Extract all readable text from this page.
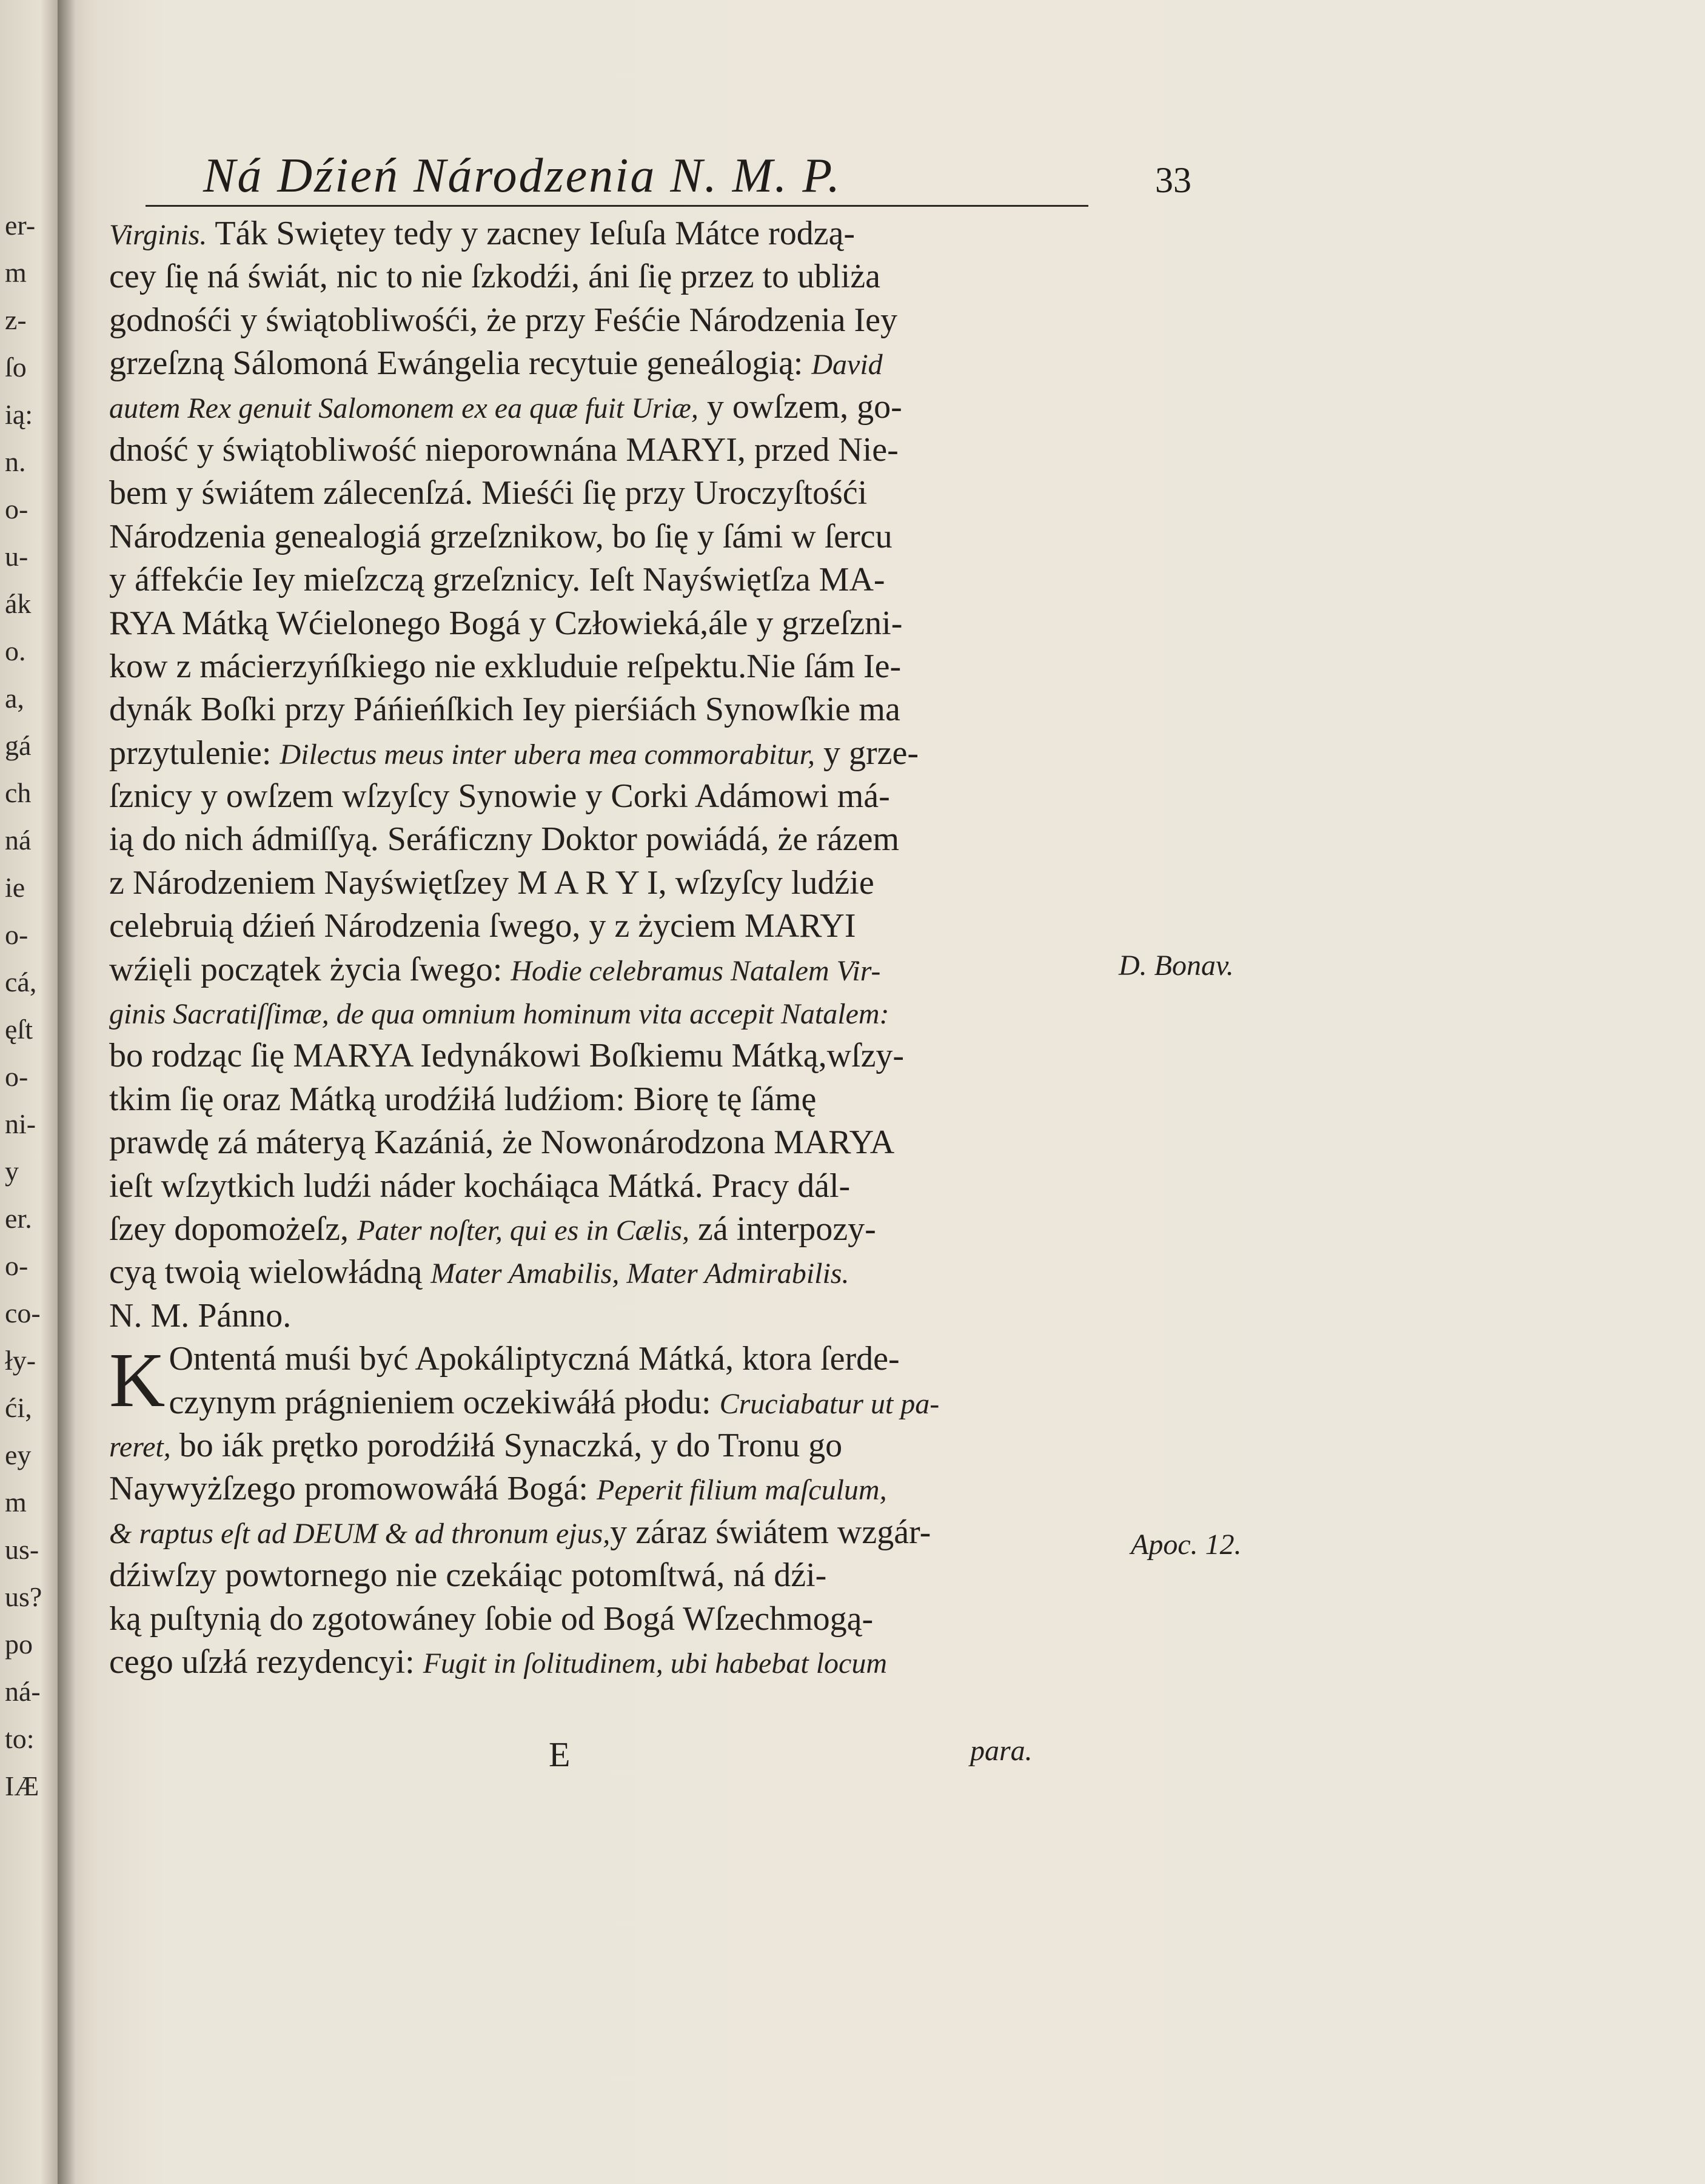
er-
m
z-
ſo
ią:
n.
o-
u-
ák
o.
a,
gá
ch
ná
ie
o-
cá,
ęſt
o-
ni-
y
er.
o-
co-
ły-
ći,
ey
m
us-
us?
po
ná-
to:
IÆ
Ná Dźień Národzenia N. M. P.	33
Virginis. Ták Swiętey tedy y zacney Ieſuſa Mátce rodzą-
cey ſię ná świát, nic to nie ſzkodźi, áni ſię przez to ubliża
godnośći y świątobliwośći, że przy Feśćie Národzenia Iey
grzeſzną Sálomoná Ewángelia recytuie geneálogią: David
autem Rex genuit Salomonem ex ea quæ fuit Uriæ, y owſzem, go-
dność y świątobliwość nieporownána MARYI, przed Nie-
bem y świátem zálecenſzá. Mieśći ſię przy Uroczyſtośći
Národzenia genealogiá grzeſznikow, bo ſię y ſámi w ſercu
y áffekćie Iey mieſzczą grzeſznicy. Ieſt Nayświętſza MA-
RYA Mátką Wćielonego Bogá y Człowieká,ále y grzeſzni-
kow z mácierzyńſkiego nie exkluduie reſpektu.Nie ſám Ie-
dynák Boſki przy Páńieńſkich Iey pierśiách Synowſkie ma
przytulenie: Dilectus meus inter ubera mea commorabitur, y grze-
ſznicy y owſzem wſzyſcy Synowie y Corki Adámowi má-
ią do nich ádmiſſyą. Seráficzny Doktor powiádá, że rázem
z Národzeniem Nayświętſzey M A R Y I, wſzyſcy ludźie
celebruią dźień Národzenia ſwego, y z życiem MARYI
wźięli początek życia ſwego: Hodie celebramus Natalem Vir-
ginis Sacratiſſimæ, de qua omnium hominum vita accepit Natalem:
bo rodząc ſię MARYA Iedynákowi Boſkiemu Mátką,wſzy-
tkim ſię oraz Mátką urodźiłá ludźiom: Biorę tę ſámę
prawdę zá máteryą Kazániá, że Nowonárodzona MARYA
ieſt wſzytkich ludźi náder kocháiąca Mátká. Pracy dál-
ſzey dopomożeſz, Pater noſter, qui es in Cælis, zá interpozy-
cyą twoią wielowłádną Mater Amabilis, Mater Admirabilis.
N. M. Pánno.
K Ontentá muśi być Apokáliptyczná Mátká, ktora ſerde-
czynym prágnieniem oczekiwáłá płodu: Cruciabatur ut pa-
reret, bo iák prętko porodźiłá Synaczká, y do Tronu go
Naywyżſzego promowowáłá Bogá: Peperit filium maſculum,
& raptus eſt ad DEUM & ad thronum ejus,y záraz świátem wzgár-
dźiwſzy powtornego nie czekáiąc potomſtwá, ná dźi-
ką puſtynią do zgotowáney ſobie od Bogá Wſzechmogą-
cego uſzłá rezydencyi: Fugit in ſolitudinem, ubi habebat locum
D. Bonav.
Apoc. 12.
E	para.
